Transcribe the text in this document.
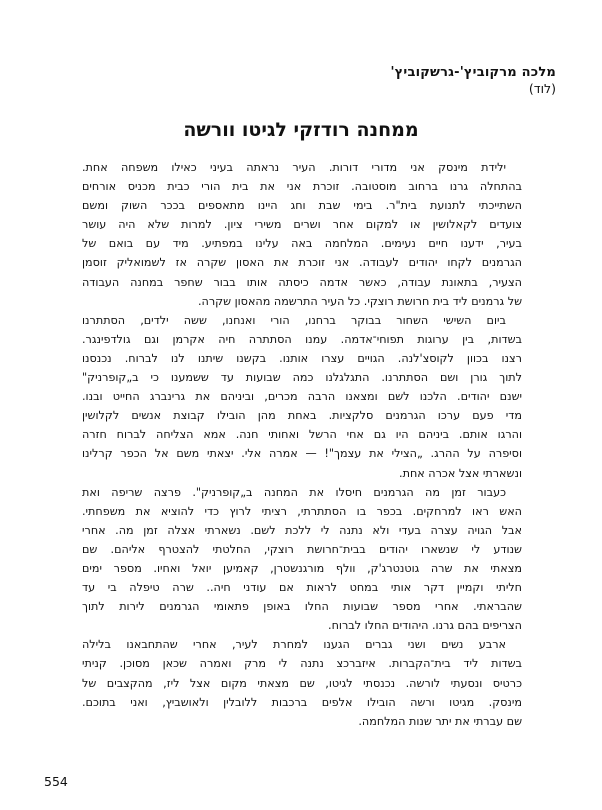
מלכה מרקוביץ'-גרשקוביץ'
(לוד)
ממחנה רודזקי לגיטו וורשה
ילידת מינסק אני מדורי דורות. העיר נראתה בעיני כאילו משפחה אחת.
בהתחלה גרנו ברחוב מוסטובה. זוכרת אני את בית הורי כבית מכניס אורחים
השתייכתי לתנועת בית"ר. בימי שבת וחג היינו מתאספים בככר השוק ומשם
צועדים לקאלושין או למקום אחר ושרים משירי ציון. למרות שלא היה עושר
בעיר, ידענו חיים נעימים. המלחמה באה עלינו במפתיע. מיד עם בואם של
הגרמנים לקחו יהודים לעבודה. אני זוכרת את האסון שקרה אז לשמואליק זוסמן
הצעיר, בתאונת עבודה, כאשר אדמה כיסתה אותו בבור שחפר במחנה העבודה
של גרמנים ליד בית חרושת רוצקי. כל העיר התרשמה מהאסון שקרה.
ביום השישי השחור בבוקר ברחנו, הורי ואנחנו, ששה ילדים, הסתתרנו
בשדות, בין ערוגות תפוחי־אדמה. עמנו הסתתרה חיה אקרמן וגם גולדפינגר.
רצנו בכוון לקוסצ'לנה. הגויים עצרו אותנו. בקשנו שיתנו לנו לברוח. נכנסנו
לתוך גורן ושם הסתתרנו. התגלגלנו כמה שבועות עד ששמענו כי ב„קופרניק"
ישנם יהודים. הלכנו לשם ומצאנו הרבה מכרים, וביניהם את גרינברג החייט ובנו.
מדי פעם ערכו הגרמנים סלקציות. באחת מהן הובילו קבוצת אנשים לקלושין
והרגו אותם. ביניהם היו גם אחי הרשל ואחותי חנה. אמא הצליחה לברוח חזרה
וסיפרה על ההרג. „הצילי את עצמך"! — אמרה אלי. יצאתי משם אל הכפר קרלינו
ונשארתי אצל אכרה אחת.
כעבור זמן מה הגרמנים חיסלו את המחנה ב„קופרניק". פרצה שריפה ואת
האש ראו למרחקים. בכפר בו הסתתרתי, רציתי לרוץ כדי להוציא את משפחתי.
אבל הגויה עצרה בעדי ולא נתנה לי ללכת לשם. נשארתי אצלה זמן מה. אחרי
שנודע לי שנשארו יהודים בבית־חרושת רוצקי, החלטתי להצטרף אליהם. שם
מצאתי את שרה גוטנטרג'ק, וולף מורגנשטרן, קאמיען יואל ואחיו. מספר ימים
חליתי וקמיין דקר אותי במחט לראות אם עודני חיה.. שרה טיפלה בי עד
שהבראתי. אחרי מספר שבועות החלו באופן פתאומי הגרמנים לירות לתוך
הצריפים בהם גרנו. היהודים החלו לברוח.
ארבע נשים ושני גברים הגענו למחרת לעיר, אחרי שהתחבאנו בלילה
בשדות ליד בית־הקברות. איזברכצ נתנה לי מרק ואמרה שכאן מסוכן. קניתי
כרטיס ונסעתי לורשה. נכנסתי לגיטו, שם מצאתי מקום אצל ליז, מהקצבים של
מינסק. מגיטו ורשה הובילו אלפים ברכבות ללובלין ולאושביץ, ואני בתוכם.
שם עברתי את יתר שנות המלחמה.
554
